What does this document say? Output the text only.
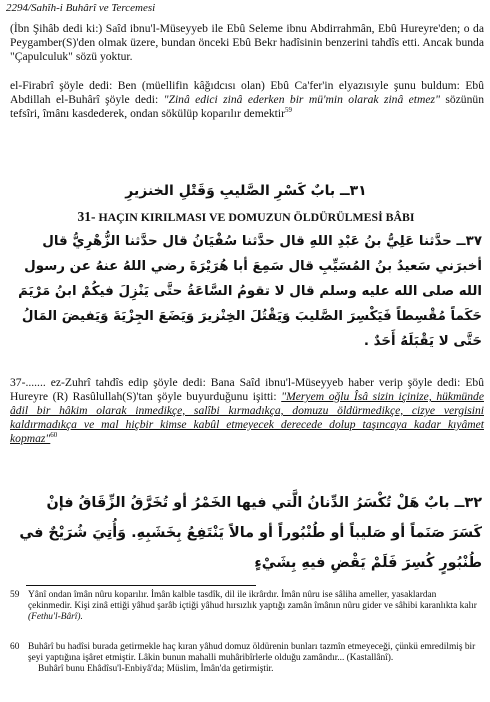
2294/Sahîh-i Buhârî ve Tercemesi
(İbn Şihâb dedi ki:) Saîd ibnu'l-Müseyyeb ile Ebû Seleme ibnu Abdirrahmân, Ebû Hureyre'den; o da Peygamber(S)'den olmak üzere, bundan önceki Ebû Bekr hadîsinin benzerini tahdîs etti. Ancak bunda "Çapulculuk" sözü yoktur.
el-Firabrî şöyle dedi: Ben (müellifin kâğıdcısı olan) Ebû Ca'fer'in elyazısıyle şunu buldum: Ebû Abdillah el-Buhârî şöyle dedi: "Zinâ edici zinâ ederken bir mü'min olarak zinâ etmez" sözünün tefsîri, îmânı kasdederek, ondan sökülüp koparılır demektir$^{59}$
٣١ــ بابٌ كَسْرِ الصَّليبِ وَقَتْلِ الخنزيرِ
31- HAÇIN KIRILMASI VE DOMUZUN ÖLDÜRÜLMESİ BÂBI
٣٧ــ حدَّثنا عَلِيُّ بنُ عَبْدِ اللهِ قال حدَّثنا سُفْيَانُ قال حدَّثنا الزُّهْرِيُّ قال أخبرَني سَعيدُ بنُ المُسَيِّبِ قال سَمِعَ أبا هُرَيْرَةَ رضي اللهُ عنهُ عن رسول الله صلى الله عليه وسلم قال لا تقومُ السَّاعَةُ حتَّى يَنْزِلَ فيكُمْ ابنُ مَرْيَمَ حَكَماً مُقْسِطاً فَيَكْسِرَ الصَّليبَ وَيَقْتُلَ الخِنْزيرَ وَيَضَعَ الجِزْيَةَ وَيَفيضَ المَالُ حَتَّى لا يَقْبَلَهُ أَحَدٌ .
37-....... ez-Zuhrî tahdîs edip şöyle dedi: Bana Saîd ibnu'l-Müseyyeb haber verip şöyle dedi: Ebû Hureyre (R) Rasûlullah(S)'tan şöyle buyurduğunu işitti: "Meryem oğlu Îsâ sizin içinize, hükmünde âdil bir hâkim olarak inmedikçe, salîbi kırmadıkça, domuzu öldürmedikçe, cizye vergisini kaldırmadıkça ve mal hiçbir kimse kabûl etmeyecek derecede dolup taşıncaya kadar kıyâmet kopmaz"$^{60}$
٣٢ــ بابٌ هَلْ تُكْسَرُ الدِّنانُ الَّتي فيها الخَمْرُ أو تُخَرَّقُ الزِّقَاقُ فإنْ كَسَرَ صَنَماً أو صَليباً أو طُنْبُوراً أو مالاً يَنْتَفِعُ بِخَشَبِهِ. وَأُتِيَ شُرَيْحٌ في طُنْبُورٍ كُسِرَ فَلَمْ يَقْضِ فيهِ بِشَيْءٍ
59 Yânî ondan îmân nûru koparılır. İmân kalble tasdîk, dil ile ikrârdır. İmân nûru ise sâliha ameller, yasaklardan çekinmedir. Kişi zinâ ettiği yâhud şarâb içtiği yâhud hırsızlık yaptığı zamân îmânın nûru gider ve sâhibi karanlıkta kalır (Fethu'l-Bârî).
60 Buhârî bu hadîsi burada getirmekle haç kıran yâhud domuz öldürenin bunları tazmîn etmeyeceği, çünkü emredilmiş bir şeyi yaptığına işâret etmiştir. Lâkin bunun mahalli muhâribîrlerle olduğu zamândır... (Kastallânî).
Buhârî bunu Ehâdîsu'l-Enbiyâ'da; Müslim, İmân'da getirmiştir.
